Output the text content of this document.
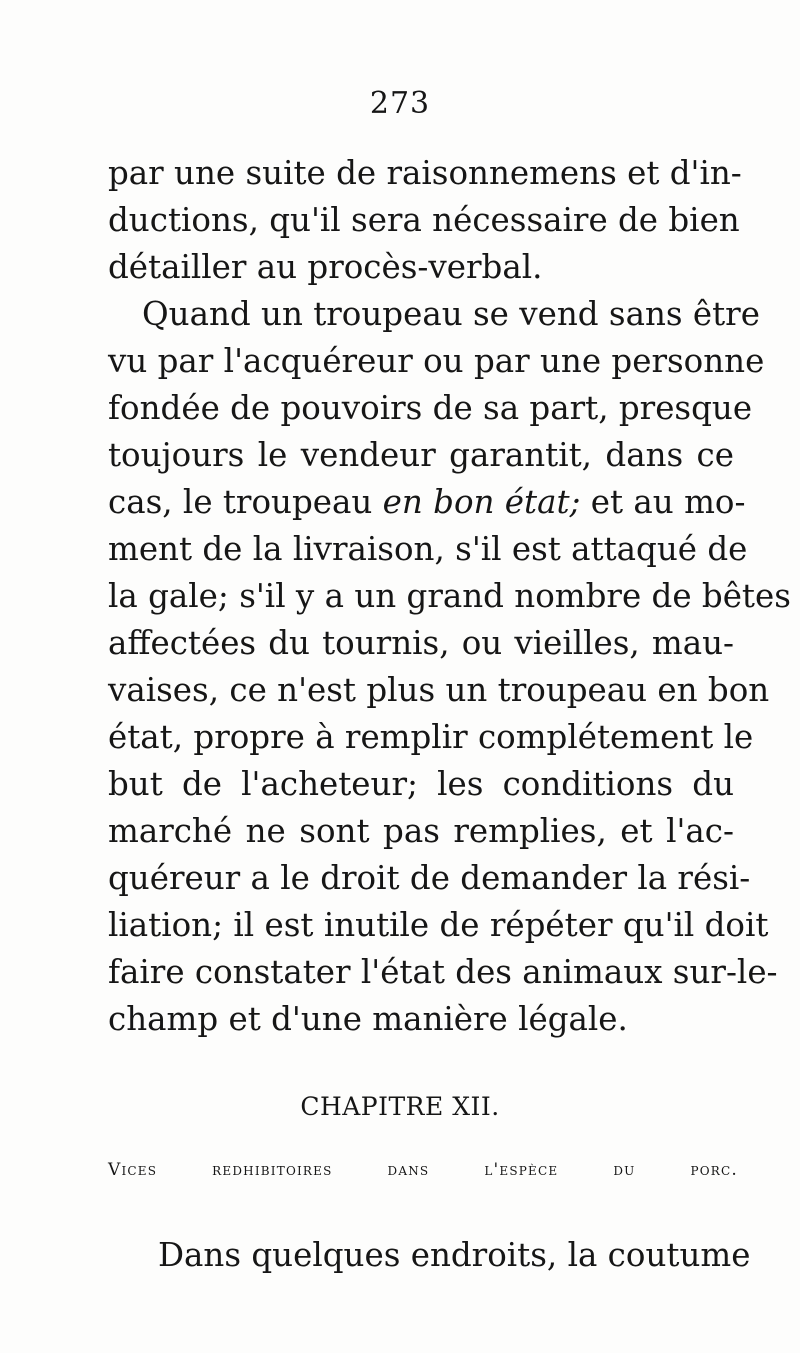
273
par une suite de raisonnemens et d'in-
ductions, qu'il sera nécessaire de bien
détailler au procès-verbal.
Quand un troupeau se vend sans être
vu par l'acquéreur ou par une personne
fondée de pouvoirs de sa part, presque
toujours le vendeur garantit, dans ce
cas, le troupeau en bon état; et au mo-
ment de la livraison, s'il est attaqué de
la gale; s'il y a un grand nombre de bêtes
affectées du tournis, ou vieilles, mau-
vaises, ce n'est plus un troupeau en bon
état, propre à remplir complétement le
but de l'acheteur; les conditions du
marché ne sont pas remplies, et l'ac-
quéreur a le droit de demander la rési-
liation; il est inutile de répéter qu'il doit
faire constater l'état des animaux sur-le-
champ et d'une manière légale.
CHAPITRE XII.
Vices redhibitoires dans l'espèce du porc.
Dans quelques endroits, la coutume
